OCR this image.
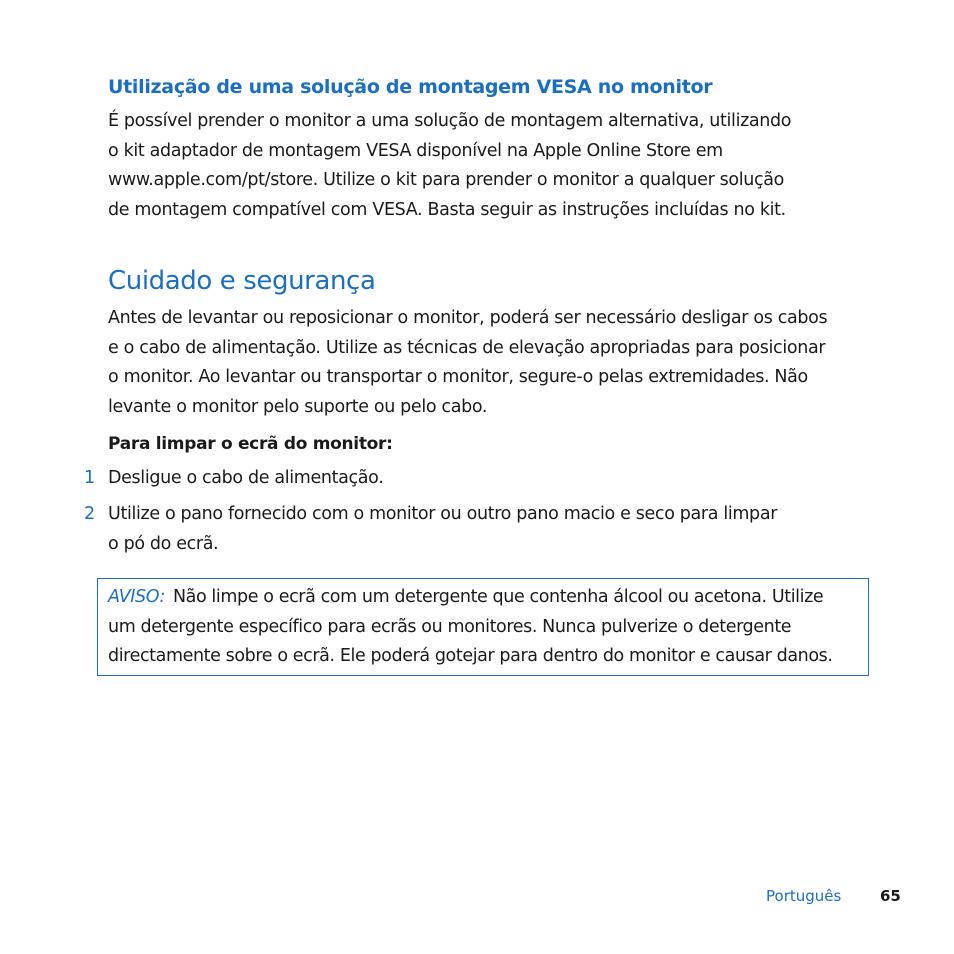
Utilização de uma solução de montagem VESA no monitor
É possível prender o monitor a uma solução de montagem alternativa, utilizando
o kit adaptador de montagem VESA disponível na Apple Online Store em
www.apple.com/pt/store. Utilize o kit para prender o monitor a qualquer solução
de montagem compatível com VESA. Basta seguir as instruções incluídas no kit.
Cuidado e segurança
Antes de levantar ou reposicionar o monitor, poderá ser necessário desligar os cabos
e o cabo de alimentação. Utilize as técnicas de elevação apropriadas para posicionar
o monitor. Ao levantar ou transportar o monitor, segure-o pelas extremidades. Não
levante o monitor pelo suporte ou pelo cabo.
Para limpar o ecrã do monitor:
1 Desligue o cabo de alimentação.
2 Utilize o pano fornecido com o monitor ou outro pano macio e seco para limpar
o pó do ecrã.
AVISO: Não limpe o ecrã com um detergente que contenha álcool ou acetona. Utilize
um detergente específico para ecrãs ou monitores. Nunca pulverize o detergente
directamente sobre o ecrã. Ele poderá gotejar para dentro do monitor e causar danos.
Português	65
